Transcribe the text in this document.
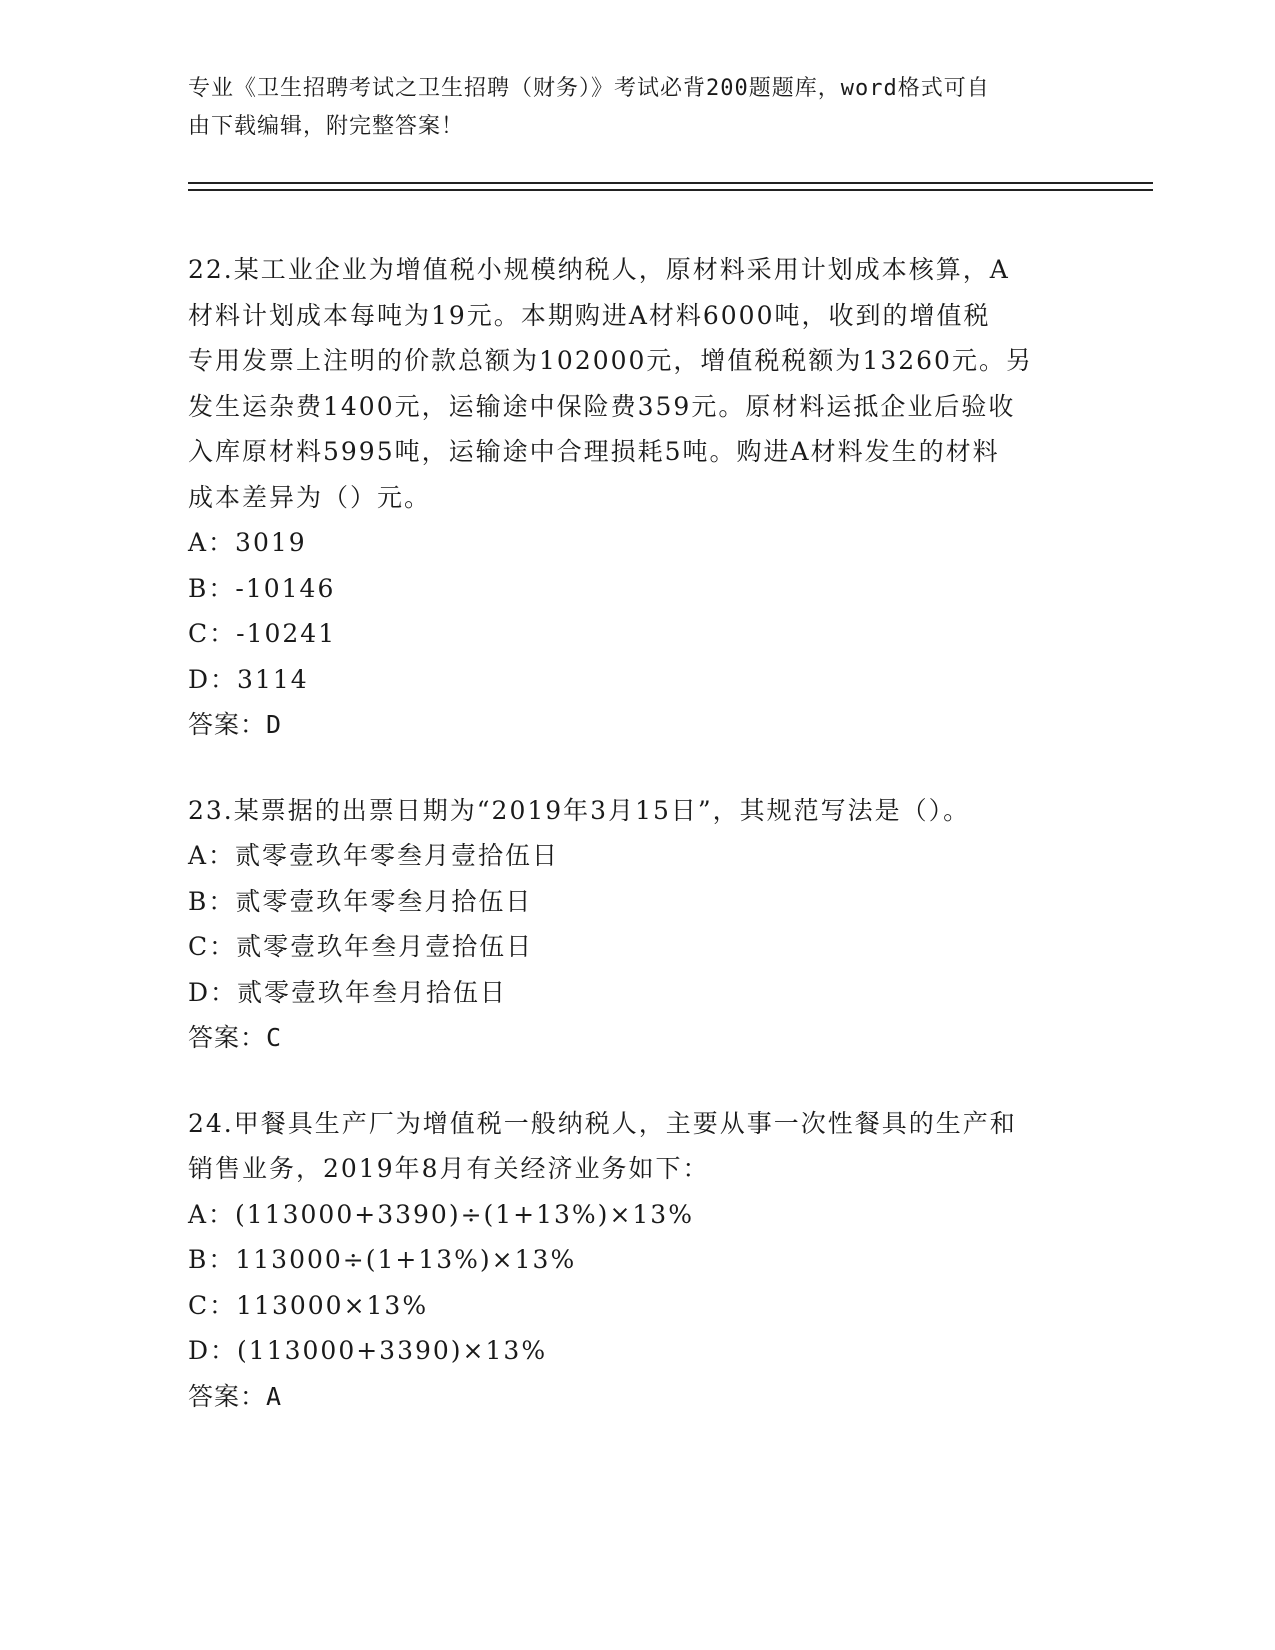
专业《卫生招聘考试之卫生招聘（财务）》考试必背200题题库，word格式可自

由下载编辑，附完整答案！

22.某工业企业为增值税小规模纳税人，原材料采用计划成本核算，A

材料计划成本每吨为19元。本期购进A材料6000吨，收到的增值税

专用发票上注明的价款总额为102000元，增值税税额为13260元。另

发生运杂费1400元，运输途中保险费359元。原材料运抵企业后验收

入库原材料5995吨，运输途中合理损耗5吨。购进A材料发生的材料

成本差异为（）元。

A：3019

B：-10146

C：-10241

D：3114

答案：D

23.某票据的出票日期为“2019年3月15日”，其规范写法是（）。

A：贰零壹玖年零叁月壹拾伍日

B：贰零壹玖年零叁月拾伍日

C：贰零壹玖年叁月壹拾伍日

D：贰零壹玖年叁月拾伍日

答案：C

24.甲餐具生产厂为增值税一般纳税人，主要从事一次性餐具的生产和

销售业务，2019年8月有关经济业务如下：

A：(113000+3390)÷(1+13%)×13%

B：113000÷(1+13%)×13%

C：113000×13%

D：(113000+3390)×13%

答案：A
